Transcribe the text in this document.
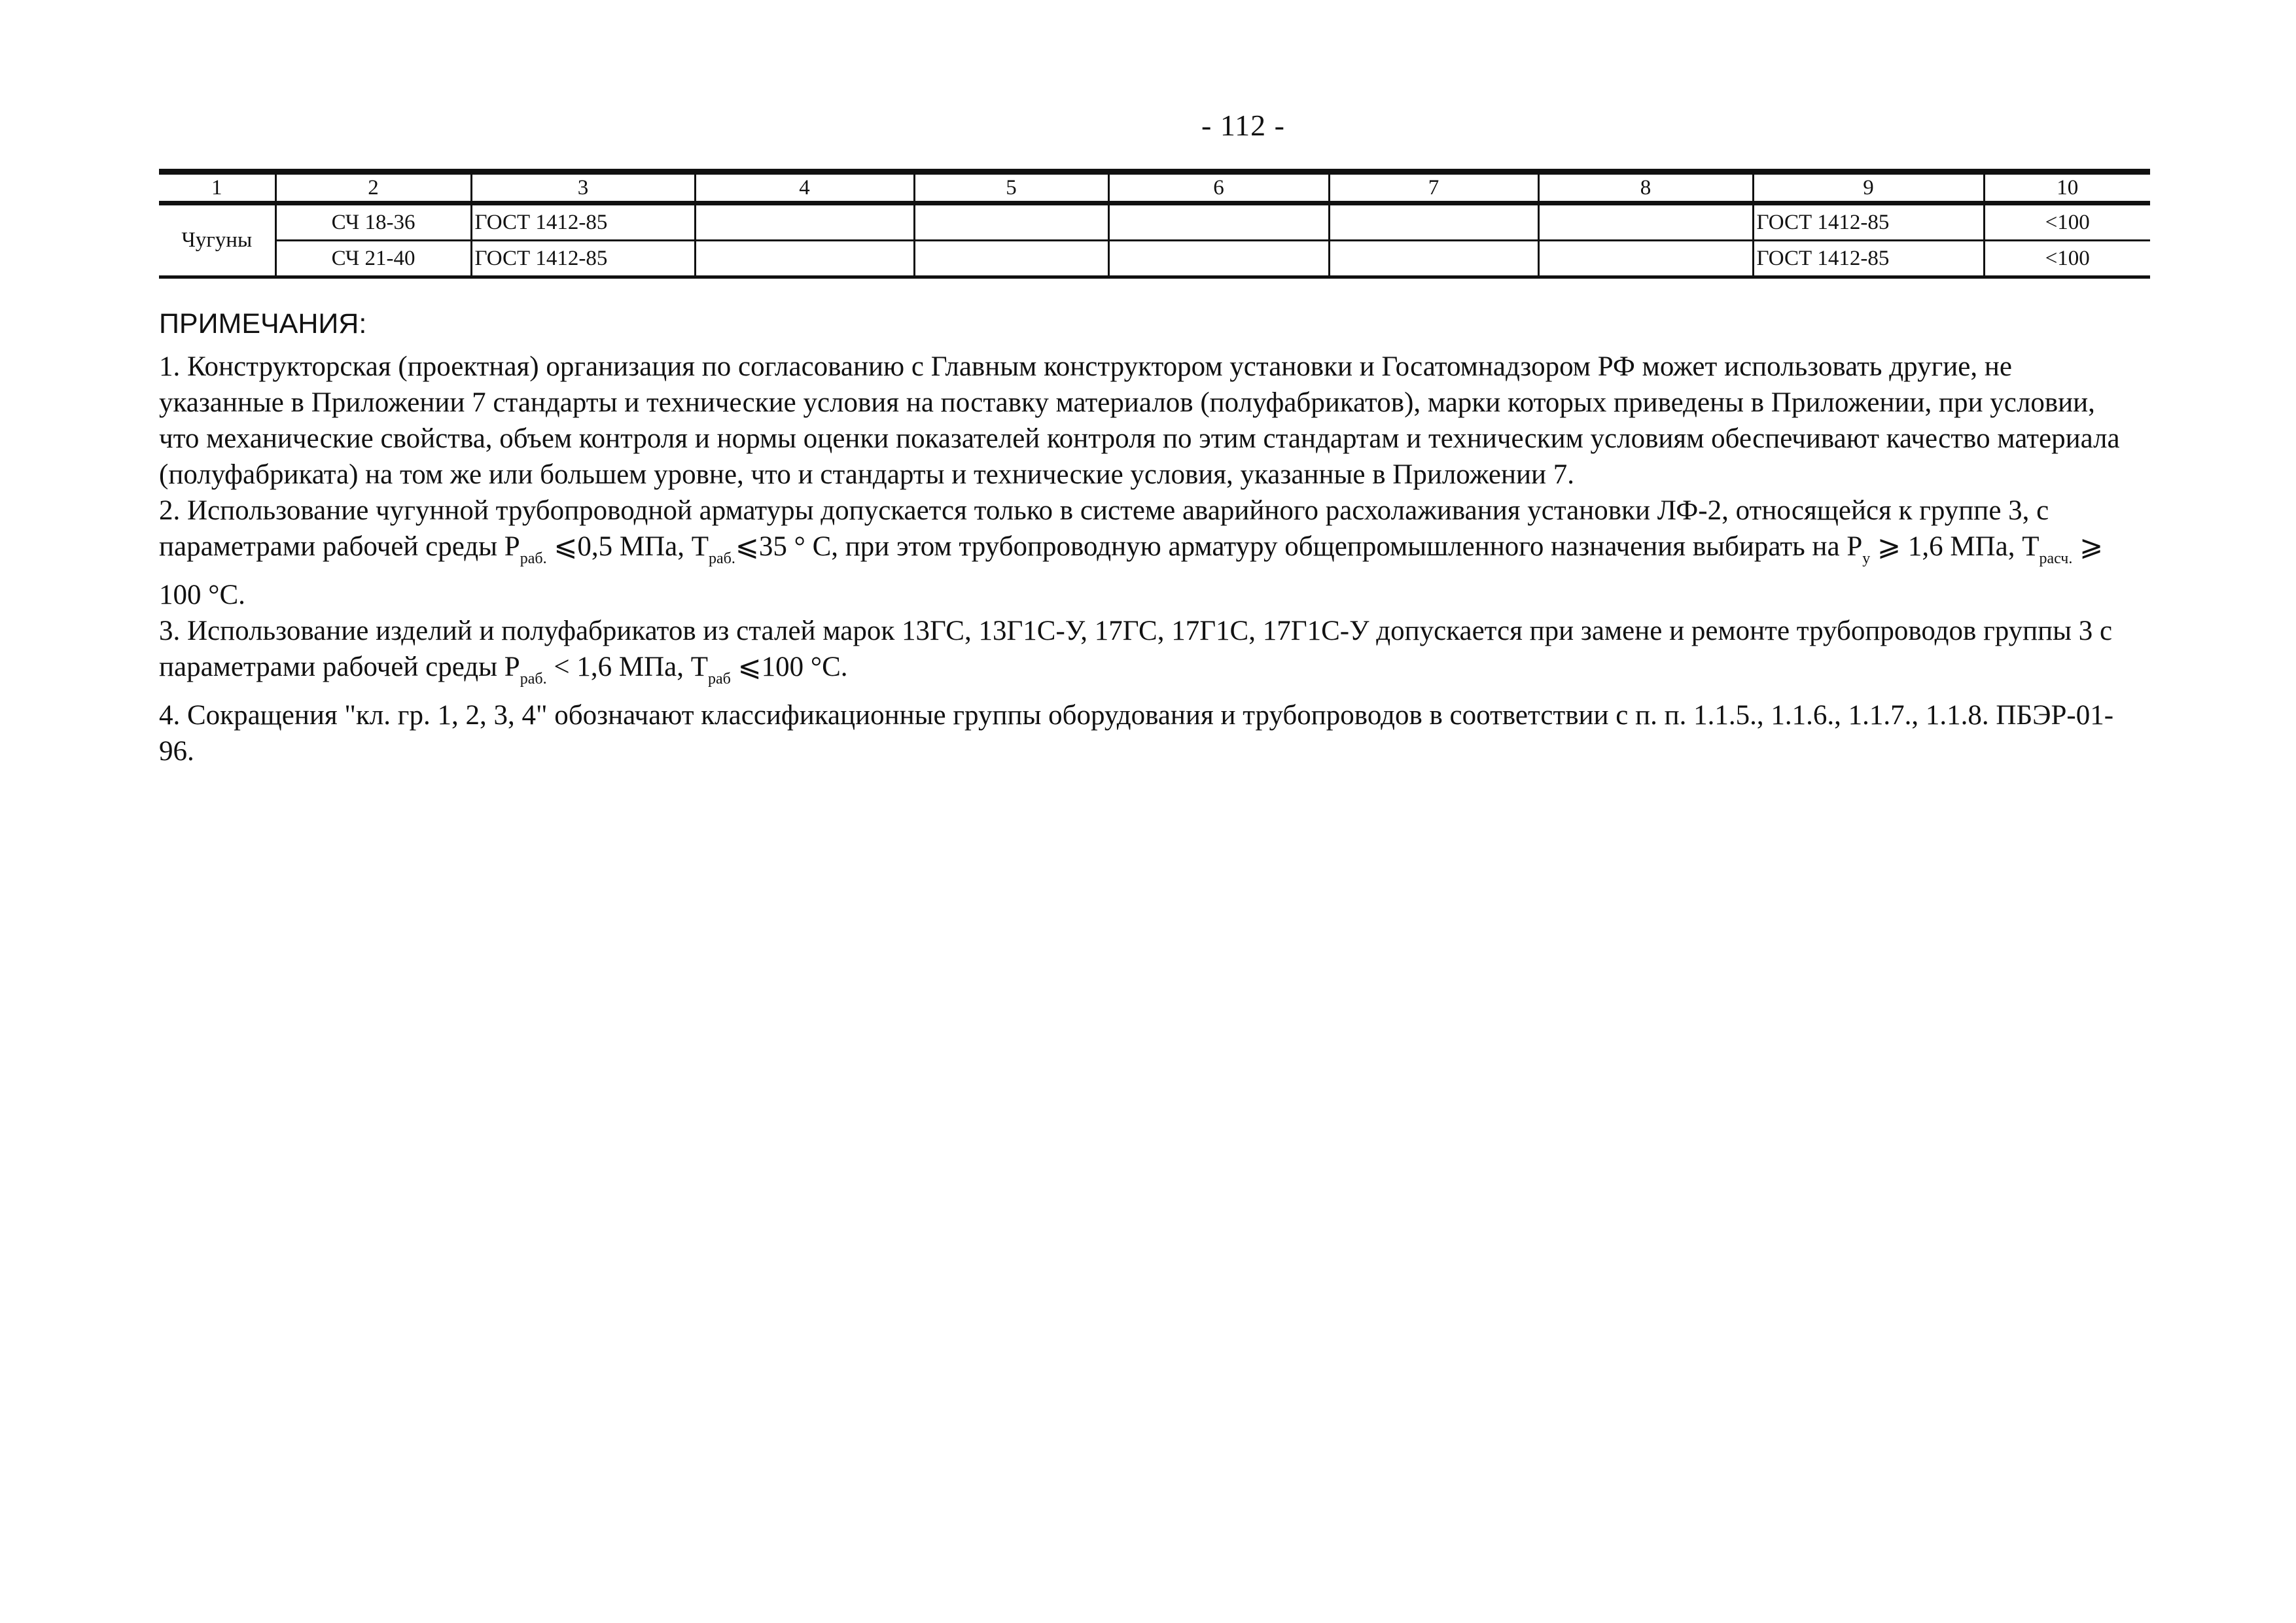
- 112 -
1	2	3	4	5	6	7	8	9	10
Чугуны	СЧ 18-36	ГОСТ 1412-85						ГОСТ 1412-85	<100
	СЧ 21-40	ГОСТ 1412-85						ГОСТ 1412-85	<100

ПРИМЕЧАНИЯ:

1. Конструкторская (проектная) организация по согласованию с Главным конструктором установки и Госатомнадзором РФ может использовать другие, не указанные в Приложении 7 стандарты и технические условия на поставку материалов (полуфабрикатов), марки которых приведены в Приложении, при условии, что механические свойства, объем контроля и нормы оценки показателей контроля по этим стандартам и техническим условиям обеспечивают качество материала (полуфабриката) на том же или большем уровне, что и стандарты и технические условия, указанные в Приложении 7.

2. Использование чугунной трубопроводной арматуры допускается только в системе аварийного расхолаживания установки ЛФ-2, относящейся к группе 3, с параметрами рабочей среды $P_{раб.}$ ⩽0,5 МПа, $T_{раб.}⩽35$ ° С, при этом трубопроводную арматуру общепромышленного назначения выбирать на $P_y$ ⩾ 1,6 МПа, $T_{расч.}$ ⩾ 100 °С.

3. Использование изделий и полуфабрикатов из сталей марок 13ГС, 13Г1С-У, 17ГС, 17Г1С, 17Г1С-У допускается при замене и ремонте трубопроводов группы 3 с параметрами рабочей среды $P_{раб.} < 1,6$ МПа, $T_{раб}$ ⩽100 °С.

4. Сокращения "кл. гр. 1, 2, 3, 4" обозначают классификационные группы оборудования и трубопроводов в соответствии с п. п. 1.1.5., 1.1.6., 1.1.7., 1.1.8. ПБЭР-01-96.
